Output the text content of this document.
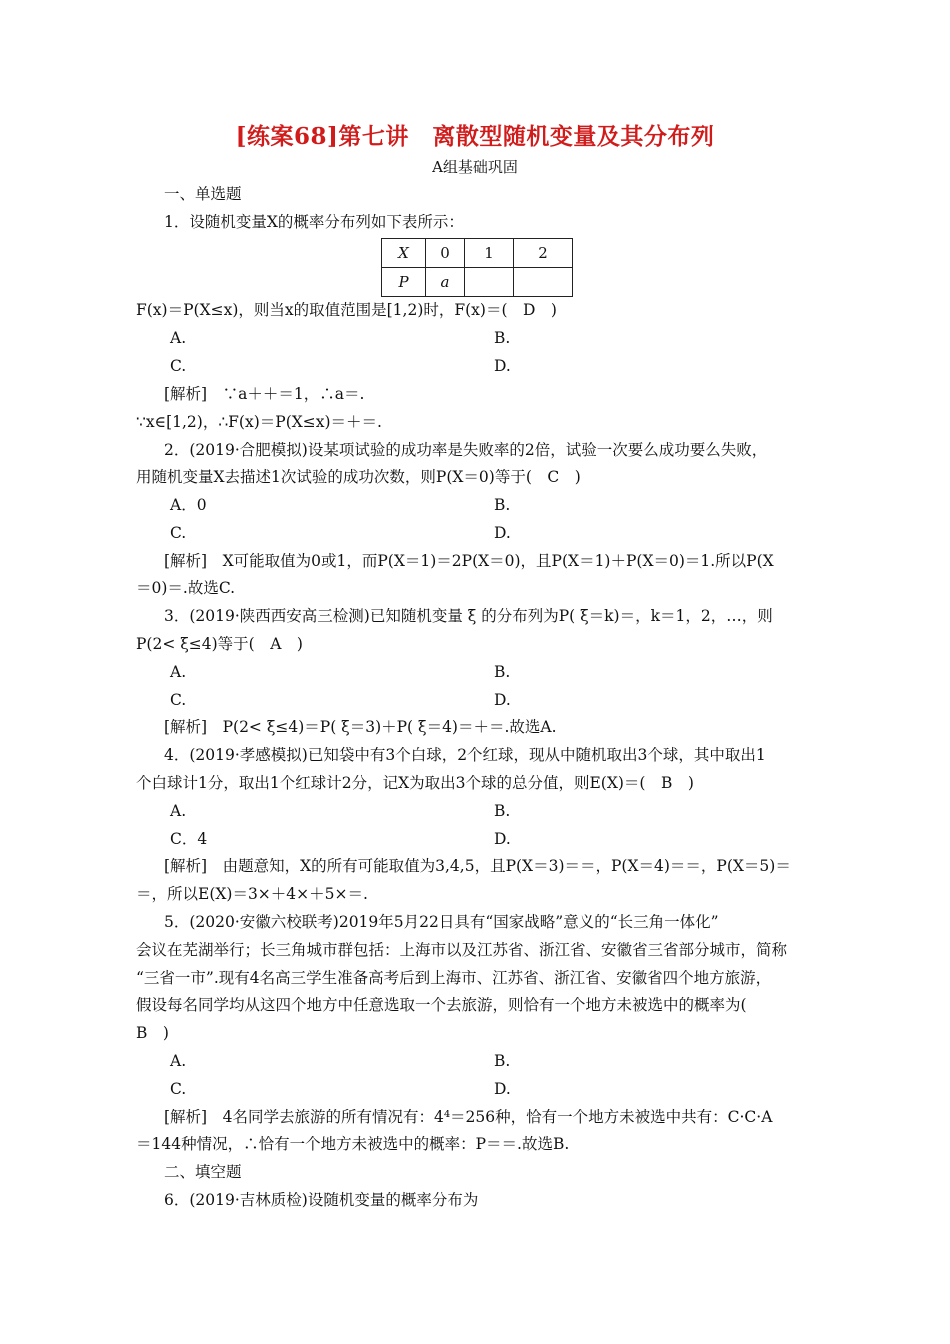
[练案68]第七讲　离散型随机变量及其分布列
A组基础巩固
一、单选题
1．设随机变量X的概率分布列如下表所示：
X	0	1	2
P	a		
F(x)＝P(X≤x)，则当x的取值范围是[1,2)时，F(x)＝(　D　)
A.	B.
C.	D.
[解析]　∵a＋＋＝1，∴a＝.
∵x∈[1,2)，∴F(x)＝P(X≤x)＝＋＝.
2．(2019·合肥模拟)设某项试验的成功率是失败率的2倍，试验一次要么成功要么失败，
用随机变量X去描述1次试验的成功次数，则P(X＝0)等于(　C　)
A．0	B.
C.	D.
[解析]　X可能取值为0或1，而P(X＝1)＝2P(X＝0)，且P(X＝1)＋P(X＝0)＝1.所以P(X
＝0)＝.故选C.
3．(2019·陕西西安高三检测)已知随机变量 ξ 的分布列为P( ξ＝k)＝，k＝1，2，…，则
P(2< ξ≤4)等于(　A　)
A.	B.
C.	D.
[解析]　P(2< ξ≤4)＝P( ξ＝3)＋P( ξ＝4)＝＋＝.故选A.
4．(2019·孝感模拟)已知袋中有3个白球，2个红球，现从中随机取出3个球，其中取出1
个白球计1分，取出1个红球计2分，记X为取出3个球的总分值，则E(X)＝(　B　)
A.	B.
C．4	D.
[解析]　由题意知，X的所有可能取值为3,4,5，且P(X＝3)＝＝，P(X＝4)＝＝，P(X＝5)＝
＝，所以E(X)＝3×＋4×＋5×＝.
5．(2020·安徽六校联考)2019年5月22日具有“国家战略”意义的“长三角一体化”
会议在芜湖举行；长三角城市群包括：上海市以及江苏省、浙江省、安徽省三省部分城市，简称
“三省一市”.现有4名高三学生准备高考后到上海市、江苏省、浙江省、安徽省四个地方旅游，
假设每名同学均从这四个地方中任意选取一个去旅游，则恰有一个地方未被选中的概率为(
B　)
A.	B.
C.	D.
[解析]　4名同学去旅游的所有情况有：4⁴＝256种，恰有一个地方未被选中共有：C·C·A
＝144种情况，∴恰有一个地方未被选中的概率：P＝＝.故选B.
二、填空题
6．(2019·吉林质检)设随机变量的概率分布为
